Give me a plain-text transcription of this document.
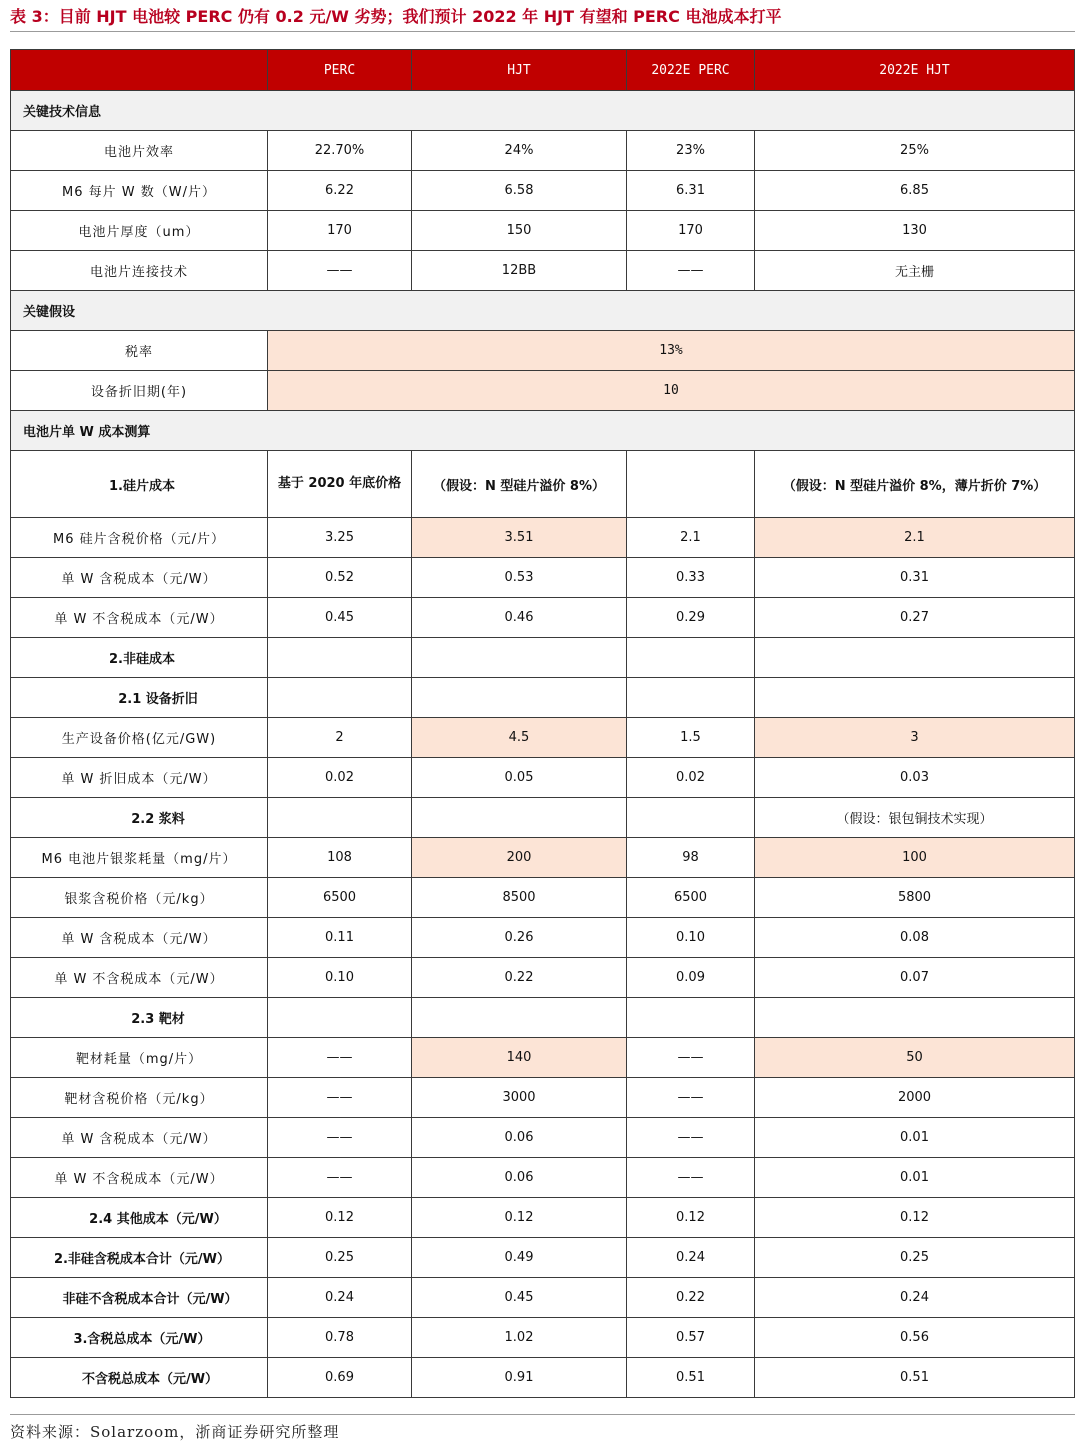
表 3：目前 HJT 电池较 PERC 仍有 0.2 元/W 劣势；我们预计 2022 年 HJT 有望和 PERC 电池成本打平
	PERC	HJT	2022E PERC	2022E HJT
关键技术信息				
电池片效率	22.70%	24%	23%	25%
M6 每片 W 数（W/片）	6.22	6.58	6.31	6.85
电池片厚度（um）	170	150	170	130
电池片连接技术	——	12BB	——	无主栅
关键假设				
税率	13%			
设备折旧期(年)	10			
电池片单 W 成本测算				
1.硅片成本	基于 2020 年底价格	（假设：N 型硅片溢价 8%）		（假设：N 型硅片溢价 8%，薄片折价 7%）
M6 硅片含税价格（元/片）	3.25	3.51	2.1	2.1
单 W 含税成本（元/W）	0.52	0.53	0.33	0.31
单 W 不含税成本（元/W）	0.45	0.46	0.29	0.27
2.非硅成本				
2.1 设备折旧				
生产设备价格(亿元/GW)	2	4.5	1.5	3
单 W 折旧成本（元/W）	0.02	0.05	0.02	0.03
2.2 浆料				（假设：银包铜技术实现）
M6 电池片银浆耗量（mg/片）	108	200	98	100
银浆含税价格（元/kg）	6500	8500	6500	5800
单 W 含税成本（元/W）	0.11	0.26	0.10	0.08
单 W 不含税成本（元/W）	0.10	0.22	0.09	0.07
2.3 靶材				
靶材耗量（mg/片）	——	140	——	50
靶材含税价格（元/kg）	——	3000	——	2000
单 W 含税成本（元/W）	——	0.06	——	0.01
单 W 不含税成本（元/W）	——	0.06	——	0.01
2.4 其他成本（元/W）	0.12	0.12	0.12	0.12
2.非硅含税成本合计（元/W）	0.25	0.49	0.24	0.25
非硅不含税成本合计（元/W）	0.24	0.45	0.22	0.24
3.含税总成本（元/W）	0.78	1.02	0.57	0.56
不含税总成本（元/W）	0.69	0.91	0.51	0.51
资料来源：Solarzoom，浙商证券研究所整理
